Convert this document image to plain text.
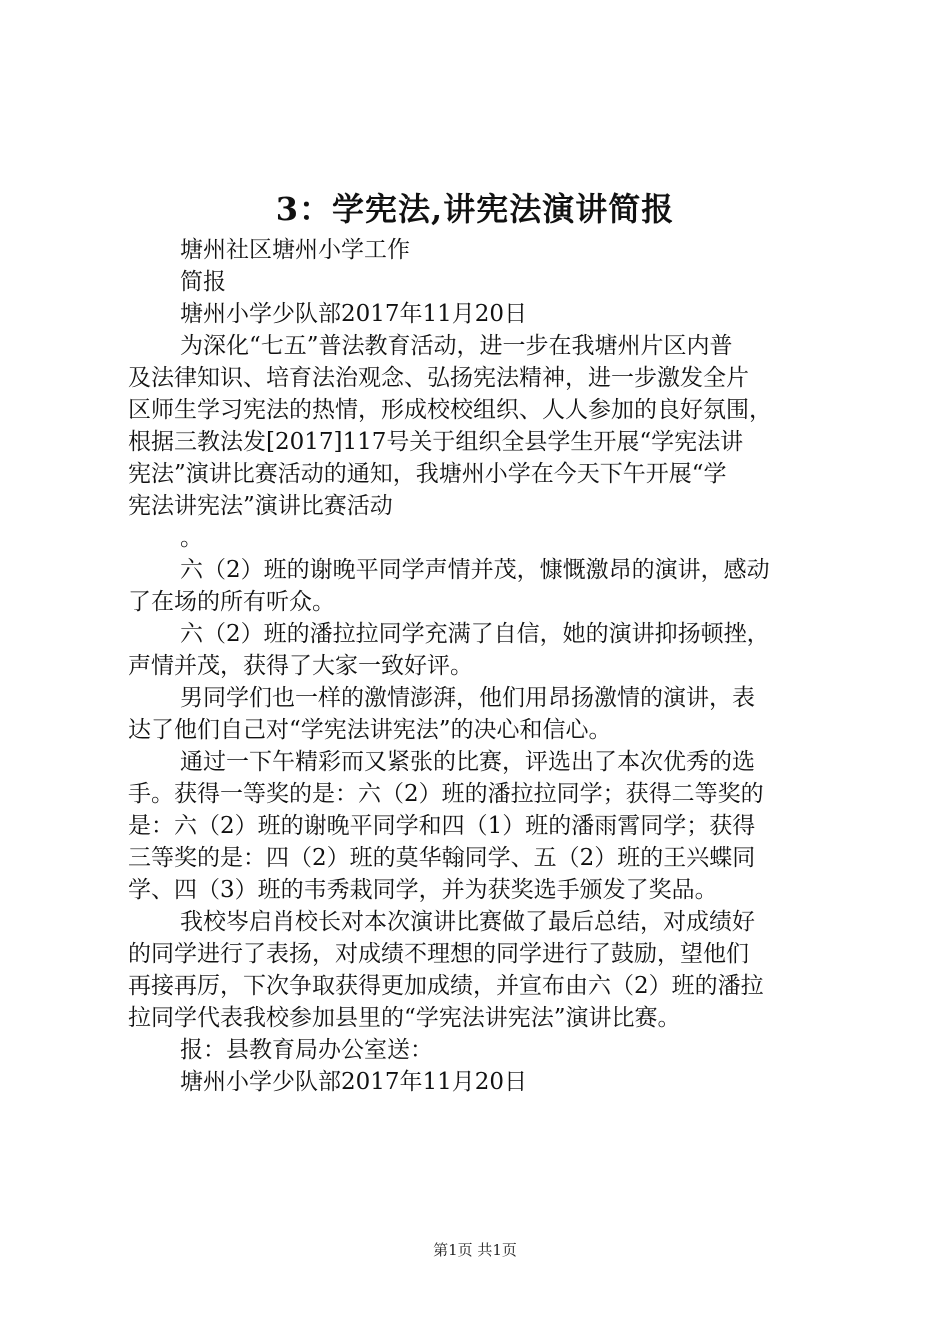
3：学宪法,讲宪法演讲简报

塘州社区塘州小学工作

简报

塘州小学少队部2017年11月20日

为深化“七五”普法教育活动，进一步在我塘州片区内普

及法律知识、培育法治观念、弘扬宪法精神，进一步激发全片

区师生学习宪法的热情，形成校校组织、人人参加的良好氛围，

根据三教法发[2017]117号关于组织全县学生开展“学宪法讲

宪法”演讲比赛活动的通知，我塘州小学在今天下午开展“学

宪法讲宪法”演讲比赛活动

。

六（2）班的谢晚平同学声情并茂，慷慨激昂的演讲，感动

了在场的所有听众。

六（2）班的潘拉拉同学充满了自信，她的演讲抑扬顿挫，

声情并茂，获得了大家一致好评。

男同学们也一样的激情澎湃，他们用昂扬激情的演讲，表

达了他们自己对“学宪法讲宪法”的决心和信心。

通过一下午精彩而又紧张的比赛，评选出了本次优秀的选

手。获得一等奖的是：六（2）班的潘拉拉同学；获得二等奖的

是：六（2）班的谢晚平同学和四（1）班的潘雨霄同学；获得

三等奖的是：四（2）班的莫华翰同学、五（2）班的王兴蝶同

学、四（3）班的韦秀栽同学，并为获奖选手颁发了奖品。

我校岑启肖校长对本次演讲比赛做了最后总结，对成绩好

的同学进行了表扬，对成绩不理想的同学进行了鼓励，望他们

再接再厉，下次争取获得更加成绩，并宣布由六（2）班的潘拉

拉同学代表我校参加县里的“学宪法讲宪法”演讲比赛。

报：县教育局办公室送：

塘州小学少队部2017年11月20日

第1页 共1页
